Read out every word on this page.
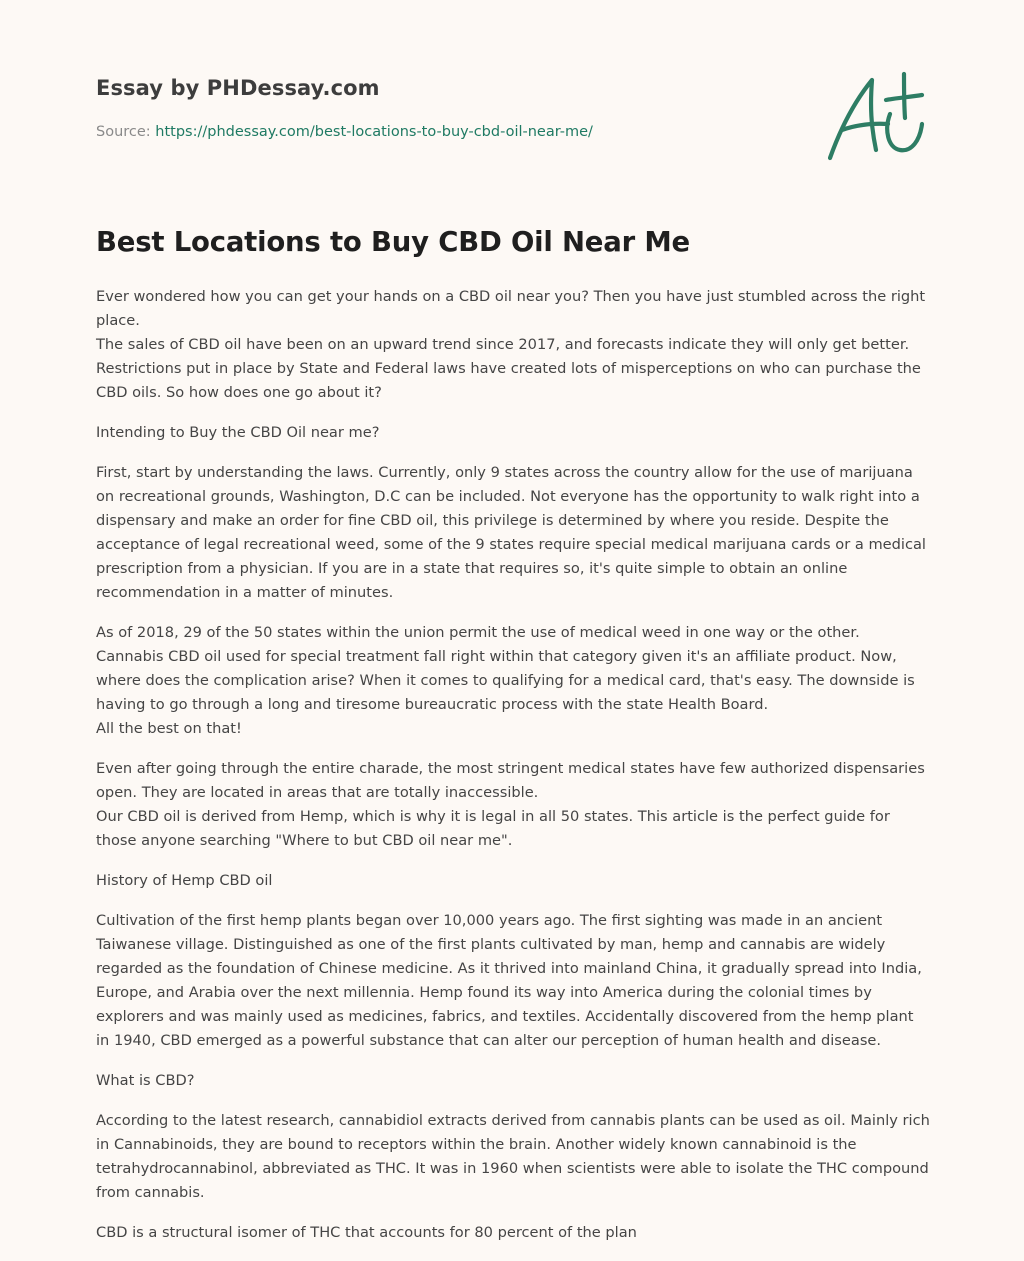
Essay by PHDessay.com
Source: https://phdessay.com/best-locations-to-buy-cbd-oil-near-me/
Best Locations to Buy CBD Oil Near Me

Ever wondered how you can get your hands on a CBD oil near you? Then you have just stumbled across the right place.
The sales of CBD oil have been on an upward trend since 2017, and forecasts indicate they will only get better. Restrictions put in place by State and Federal laws have created lots of misperceptions on who can purchase the CBD oils. So how does one go about it?

Intending to Buy the CBD Oil near me?

First, start by understanding the laws. Currently, only 9 states across the country allow for the use of marijuana on recreational grounds, Washington, D.C can be included. Not everyone has the opportunity to walk right into a dispensary and make an order for fine CBD oil, this privilege is determined by where you reside. Despite the acceptance of legal recreational weed, some of the 9 states require special medical marijuana cards or a medical prescription from a physician. If you are in a state that requires so, it's quite simple to obtain an online recommendation in a matter of minutes.

As of 2018, 29 of the 50 states within the union permit the use of medical weed in one way or the other. Cannabis CBD oil used for special treatment fall right within that category given it's an affiliate product. Now, where does the complication arise? When it comes to qualifying for a medical card, that's easy. The downside is having to go through a long and tiresome bureaucratic process with the state Health Board.
All the best on that!

Even after going through the entire charade, the most stringent medical states have few authorized dispensaries open. They are located in areas that are totally inaccessible.
Our CBD oil is derived from Hemp, which is why it is legal in all 50 states. This article is the perfect guide for those anyone searching "Where to but CBD oil near me".

History of Hemp CBD oil

Cultivation of the first hemp plants began over 10,000 years ago. The first sighting was made in an ancient Taiwanese village. Distinguished as one of the first plants cultivated by man, hemp and cannabis are widely regarded as the foundation of Chinese medicine. As it thrived into mainland China, it gradually spread into India, Europe, and Arabia over the next millennia. Hemp found its way into America during the colonial times by explorers and was mainly used as medicines, fabrics, and textiles. Accidentally discovered from the hemp plant in 1940, CBD emerged as a powerful substance that can alter our perception of human health and disease.

What is CBD?

According to the latest research, cannabidiol extracts derived from cannabis plants can be used as oil. Mainly rich in Cannabinoids, they are bound to receptors within the brain. Another widely known cannabinoid is the tetrahydrocannabinol, abbreviated as THC. It was in 1960 when scientists were able to isolate the THC compound from cannabis.

CBD is a structural isomer of THC that accounts for 80 percent of the plan
